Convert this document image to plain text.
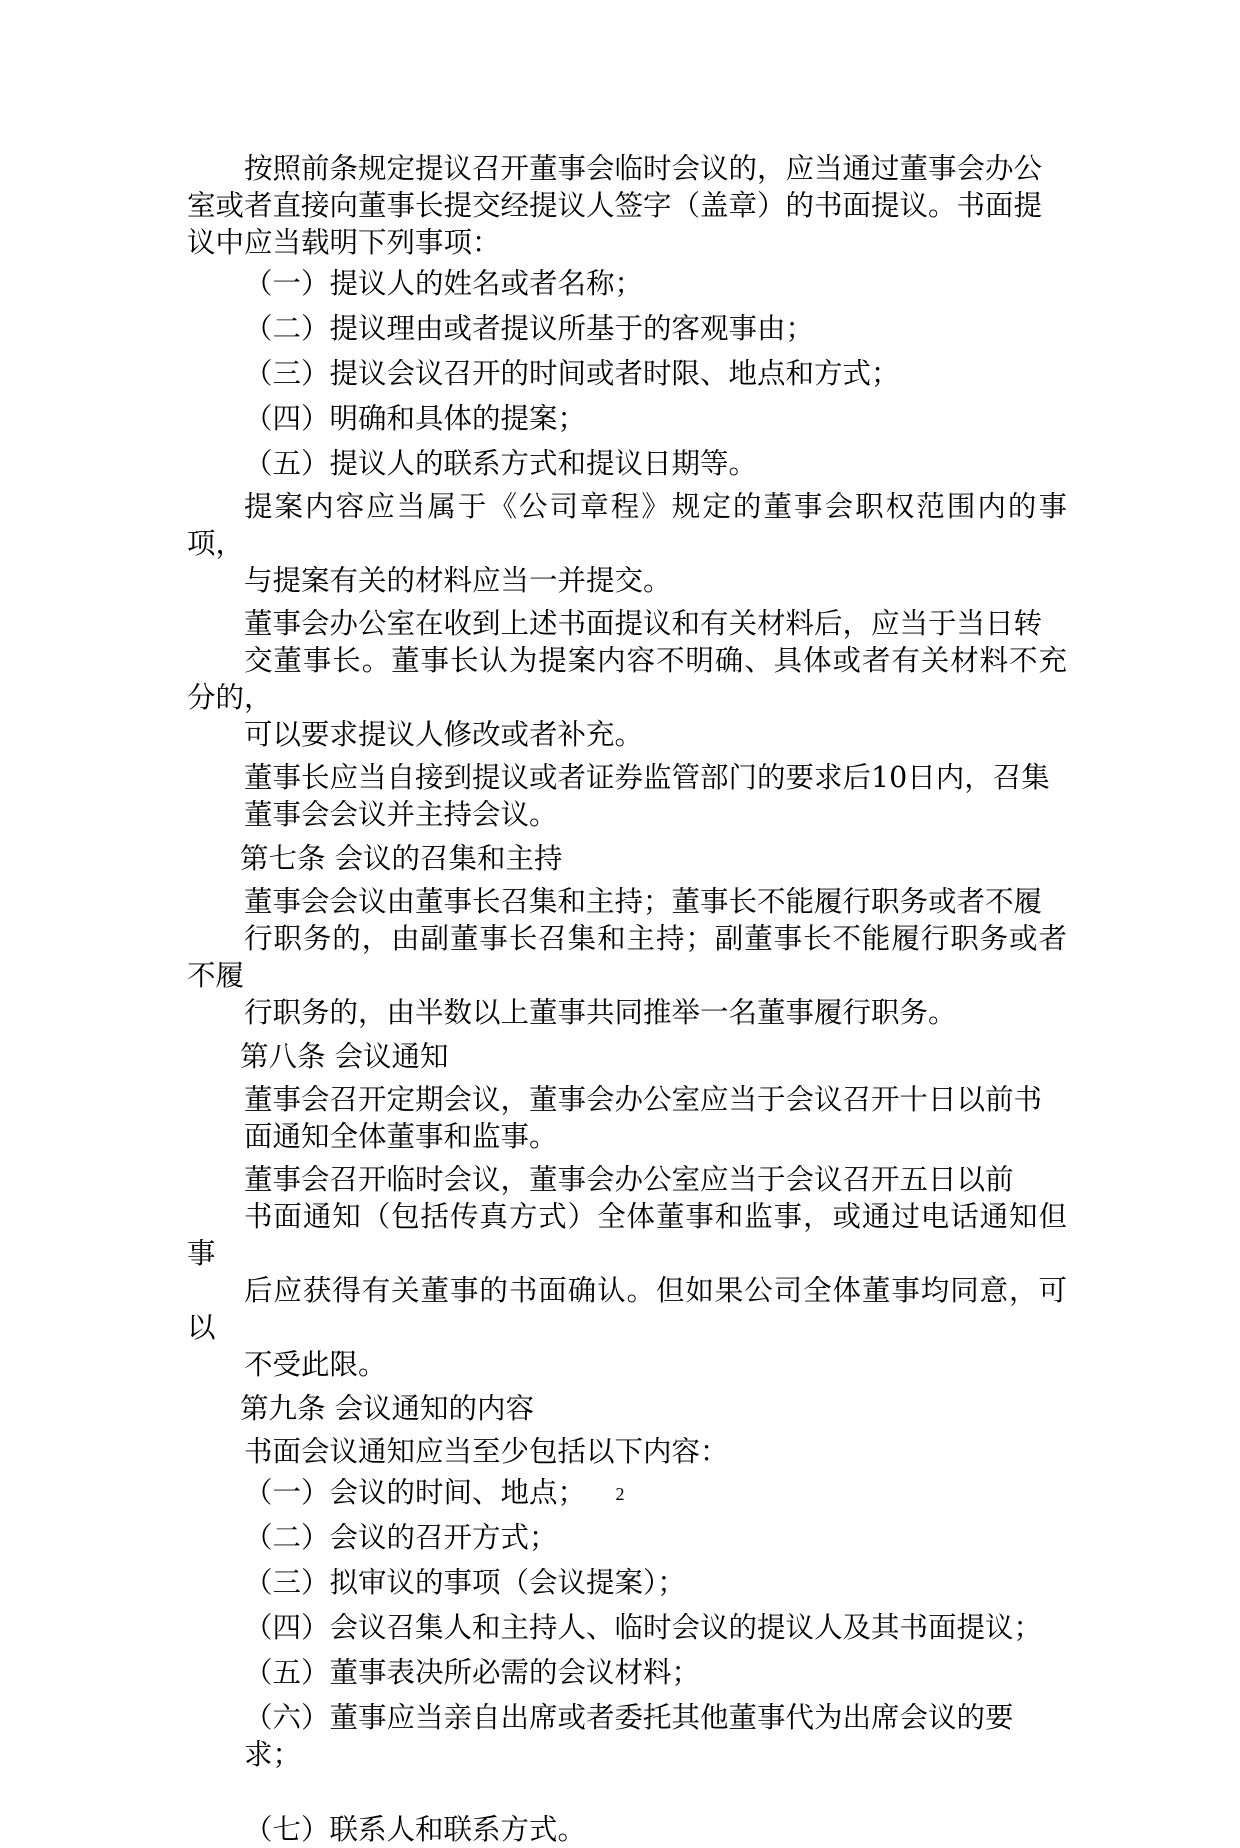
按照前条规定提议召开董事会临时会议的，应当通过董事会办公
室或者直接向董事长提交经提议人签字（盖章）的书面提议。书面提
议中应当载明下列事项：

（一）提议人的姓名或者名称；

（二）提议理由或者提议所基于的客观事由；

（三）提议会议召开的时间或者时限、地点和方式；

（四）明确和具体的提案；

（五）提议人的联系方式和提议日期等。

提案内容应当属于《公司章程》规定的董事会职权范围内的事项，
与提案有关的材料应当一并提交。

董事会办公室在收到上述书面提议和有关材料后，应当于当日转
交董事长。董事长认为提案内容不明确、具体或者有关材料不充分的，
可以要求提议人修改或者补充。

董事长应当自接到提议或者证券监管部门的要求后10日内，召集
董事会会议并主持会议。

第七条 会议的召集和主持

董事会会议由董事长召集和主持；董事长不能履行职务或者不履
行职务的，由副董事长召集和主持；副董事长不能履行职务或者不履
行职务的，由半数以上董事共同推举一名董事履行职务。

第八条 会议通知

董事会召开定期会议，董事会办公室应当于会议召开十日以前书
面通知全体董事和监事。

董事会召开临时会议，董事会办公室应当于会议召开五日以前
书面通知（包括传真方式）全体董事和监事，或通过电话通知但事
后应获得有关董事的书面确认。但如果公司全体董事均同意，可以
不受此限。

第九条 会议通知的内容

书面会议通知应当至少包括以下内容：

（一）会议的时间、地点；

（二）会议的召开方式；

（三）拟审议的事项（会议提案）；

（四）会议召集人和主持人、临时会议的提议人及其书面提议；

（五）董事表决所必需的会议材料；

（六）董事应当亲自出席或者委托其他董事代为出席会议的要求；

（七）联系人和联系方式。

2
